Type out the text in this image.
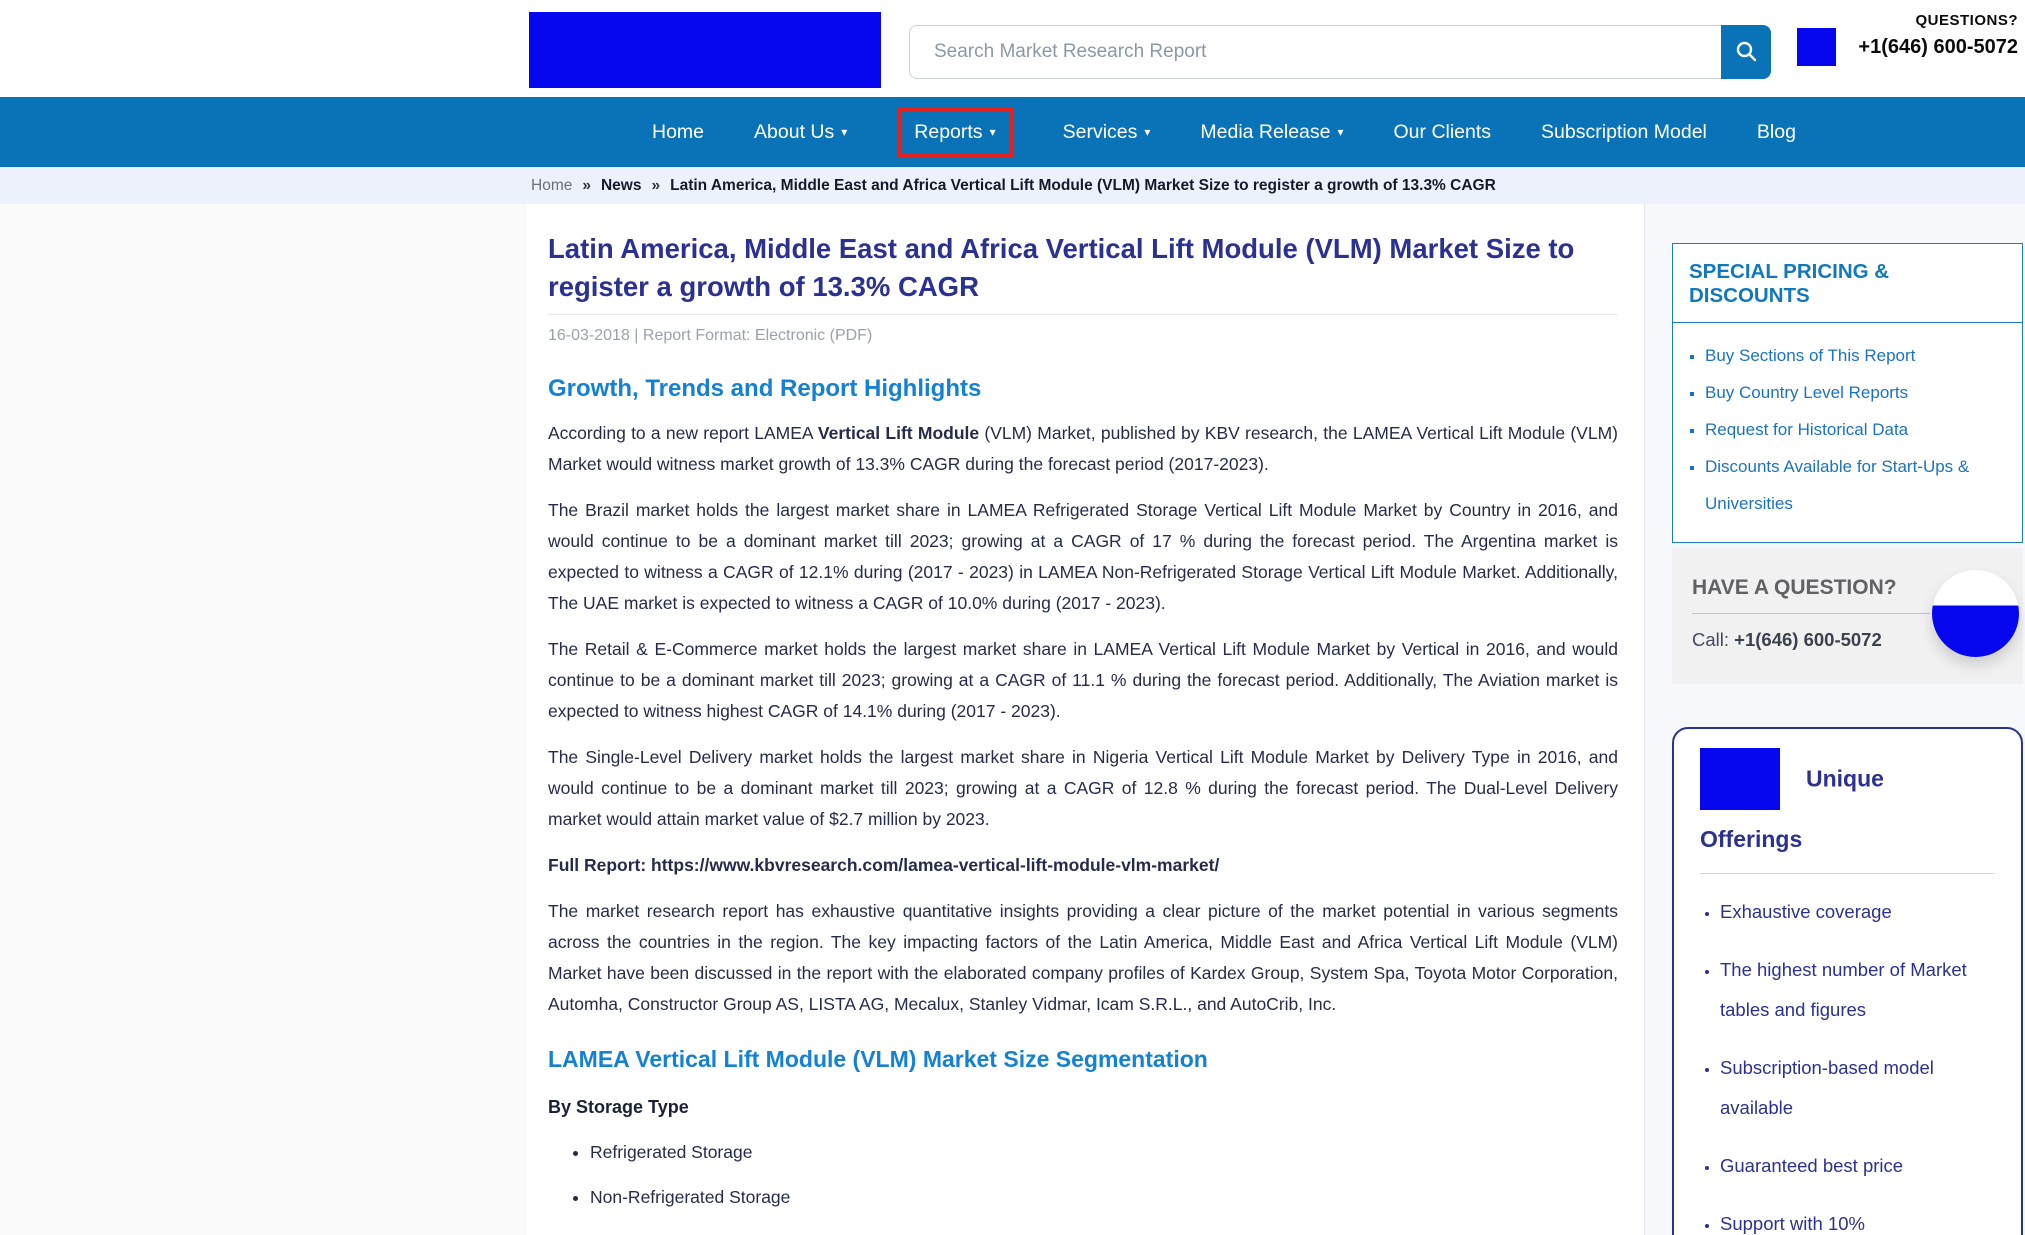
Search Market Research Report
QUESTIONS?
+1(646) 600-5072
Home	About Us ▾	Reports ▾	Services ▾	Media Release ▾	Our Clients	Subscription Model	Blog
Home » News » Latin America, Middle East and Africa Vertical Lift Module (VLM) Market Size to register a growth of 13.3% CAGR
Latin America, Middle East and Africa Vertical Lift Module (VLM) Market Size to register a growth of 13.3% CAGR
16-03-2018 | Report Format: Electronic (PDF)
Growth, Trends and Report Highlights

According to a new report LAMEA Vertical Lift Module (VLM) Market, published by KBV research, the LAMEA Vertical Lift Module (VLM) Market would witness market growth of 13.3% CAGR during the forecast period (2017-2023).

The Brazil market holds the largest market share in LAMEA Refrigerated Storage Vertical Lift Module Market by Country in 2016, and would continue to be a dominant market till 2023; growing at a CAGR of 17 % during the forecast period. The Argentina market is expected to witness a CAGR of 12.1% during (2017 - 2023) in LAMEA Non-Refrigerated Storage Vertical Lift Module Market. Additionally, The UAE market is expected to witness a CAGR of 10.0% during (2017 - 2023).

The Retail & E-Commerce market holds the largest market share in LAMEA Vertical Lift Module Market by Vertical in 2016, and would continue to be a dominant market till 2023; growing at a CAGR of 11.1 % during the forecast period. Additionally, The Aviation market is expected to witness highest CAGR of 14.1% during (2017 - 2023).

The Single-Level Delivery market holds the largest market share in Nigeria Vertical Lift Module Market by Delivery Type in 2016, and would continue to be a dominant market till 2023; growing at a CAGR of 12.8 % during the forecast period. The Dual-Level Delivery market would attain market value of $2.7 million by 2023.

Full Report: https://www.kbvresearch.com/lamea-vertical-lift-module-vlm-market/

The market research report has exhaustive quantitative insights providing a clear picture of the market potential in various segments across the countries in the region. The key impacting factors of the Latin America, Middle East and Africa Vertical Lift Module (VLM) Market have been discussed in the report with the elaborated company profiles of Kardex Group, System Spa, Toyota Motor Corporation, Automha, Constructor Group AS, LISTA AG, Mecalux, Stanley Vidmar, Icam S.R.L., and AutoCrib, Inc.

LAMEA Vertical Lift Module (VLM) Market Size Segmentation
By Storage Type
• Refrigerated Storage
• Non-Refrigerated Storage
SPECIAL PRICING & DISCOUNTS
▪ Buy Sections of This Report
▪ Buy Country Level Reports
▪ Request for Historical Data
▪ Discounts Available for Start-Ups & Universities
HAVE A QUESTION?
Call: +1(646) 600-5072
Unique
Offerings
• Exhaustive coverage
• The highest number of Market tables and figures
• Subscription-based model available
• Guaranteed best price
• Support with 10%
